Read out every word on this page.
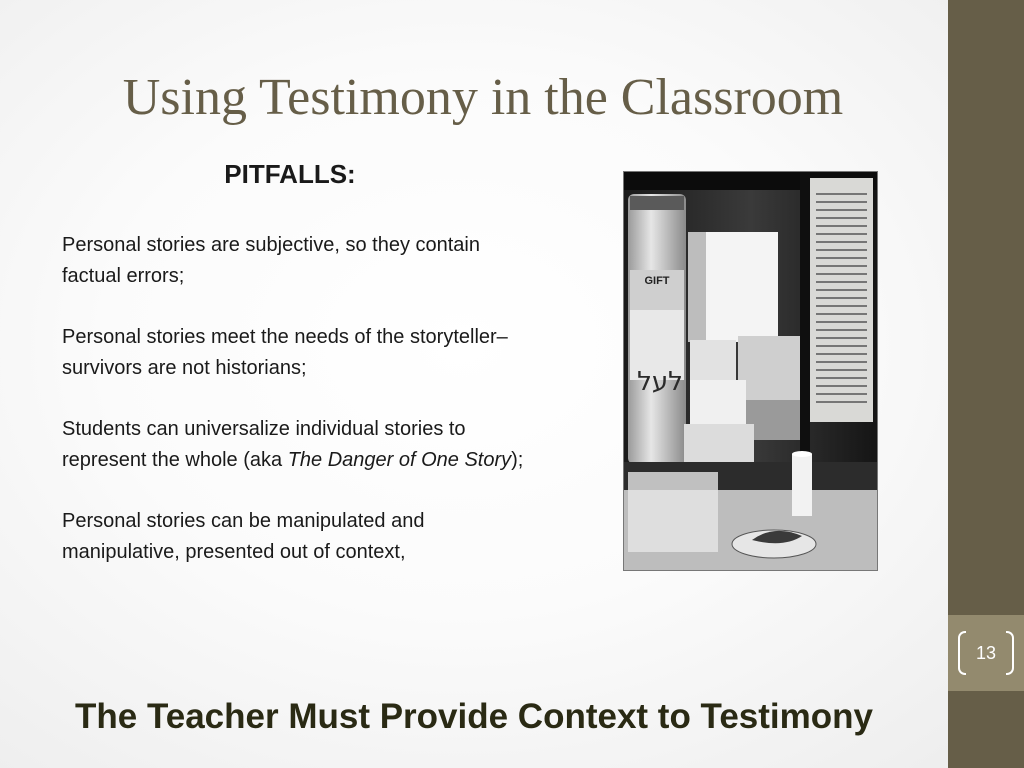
13
Using Testimony in the Classroom
PITFALLS:
Personal stories are subjective, so they contain factual errors;
Personal stories meet the needs of the storyteller– survivors are not historians;
Students can universalize individual stories to represent the whole (aka The Danger of One Story);
Personal stories can be manipulated and manipulative, presented out of context,
GIFT
לעל
The Teacher Must Provide Context to Testimony
